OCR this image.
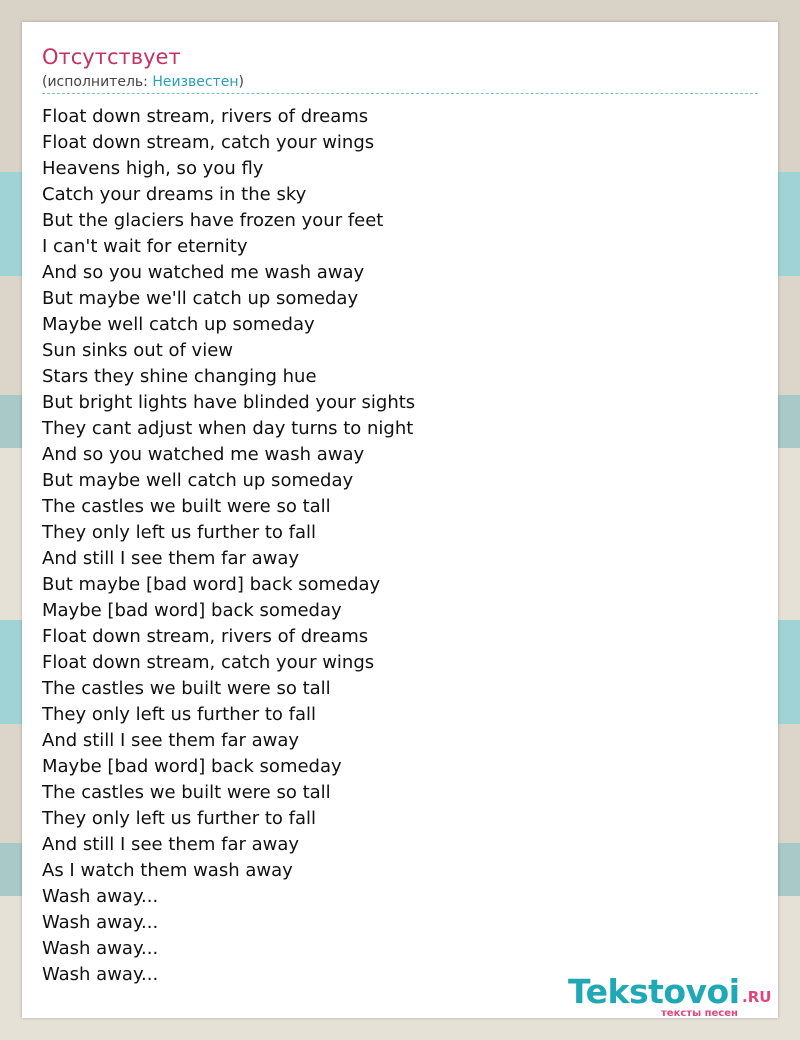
Отсутствует
(исполнитель: Неизвестен)
Float down stream, rivers of dreams
Float down stream, catch your wings
Heavens high, so you fly
Catch your dreams in the sky
But the glaciers have frozen your feet
I can't wait for eternity
And so you watched me wash away
But maybe we'll catch up someday
Maybe well catch up someday
Sun sinks out of view
Stars they shine changing hue
But bright lights have blinded your sights
They cant adjust when day turns to night
And so you watched me wash away
But maybe well catch up someday
The castles we built were so tall
They only left us further to fall
And still I see them far away
But maybe [bad word] back someday
Maybe [bad word] back someday
Float down stream, rivers of dreams
Float down stream, catch your wings
The castles we built were so tall
They only left us further to fall
And still I see them far away
Maybe [bad word] back someday
The castles we built were so tall
They only left us further to fall
And still I see them far away
As I watch them wash away
Wash away...
Wash away...
Wash away...
Wash away...	Tekstovoi .RU
тексты песен
